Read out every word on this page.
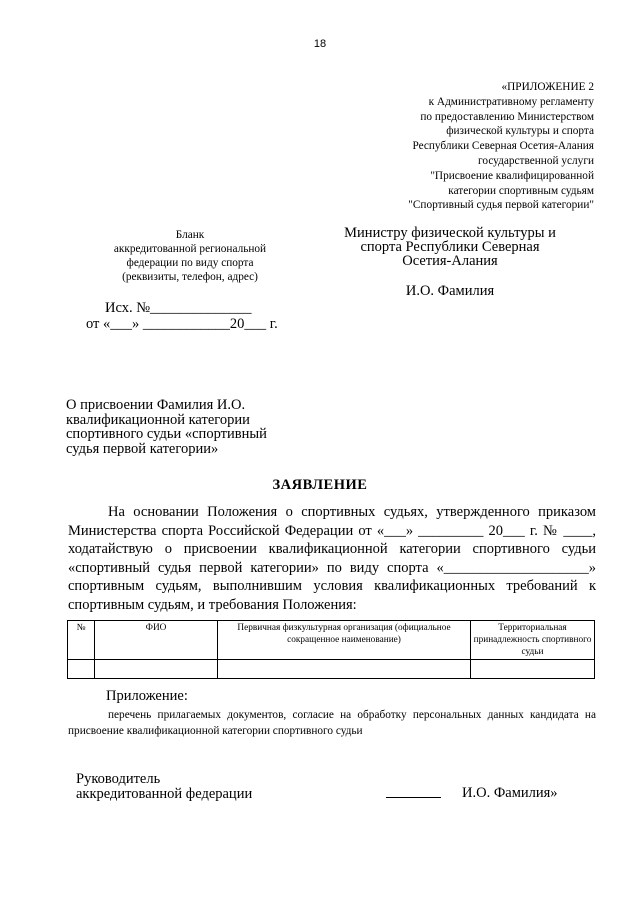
18
«ПРИЛОЖЕНИЕ 2
к Административному регламенту
по предоставлению Министерством
физической культуры и спорта
Республики Северная Осетия-Алания
государственной услуги
"Присвоение квалифицированной
категории спортивным судьям
"Спортивный судья первой категории"
Бланк
аккредитованной региональной
федерации по виду спорта
(реквизиты, телефон, адрес)
Министру физической культуры и
спорта Республики Северная
Осетия-Алания
И.О. Фамилия
Исх. №______________
от «___» ____________20___ г.
О присвоении Фамилия И.О.
квалификационной категории
спортивного судьи «спортивный
судья первой категории»
ЗАЯВЛЕНИЕ

На основании Положения о спортивных судьях, утвержденного приказом Министерства спорта Российской Федерации от «___» _________ 20___ г. № ____, ходатайствую о присвоении квалификационной категории спортивного судьи «спортивный судья первой категории» по виду спорта «____________________» спортивным судьям, выполнившим условия квалификационных требований к спортивным судьям, и требования Положения:

№	ФИО	Первичная физкультурная организация (официальное сокращенное наименование)	Территориальная принадлежность спортивного судьи

Приложение:
перечень прилагаемых документов, согласие на обработку персональных данных кандидата на присвоение квалификационной категории спортивного судьи
Руководитель
аккредитованной федерации	И.О. Фамилия»
